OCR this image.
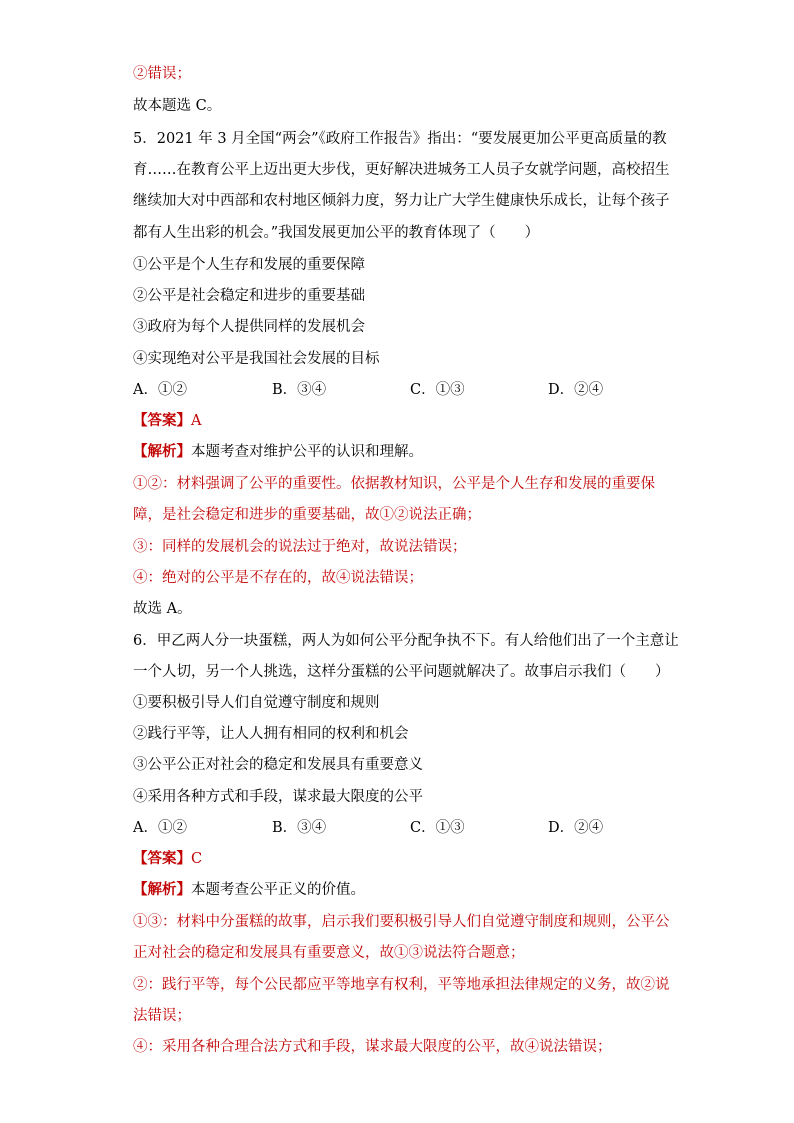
②错误；
故本题选 C。
5．2021 年 3 月全国“两会”《政府工作报告》指出：“要发展更加公平更高质量的教
育……在教育公平上迈出更大步伐，更好解决进城务工人员子女就学问题，高校招生
继续加大对中西部和农村地区倾斜力度，努力让广大学生健康快乐成长，让每个孩子
都有人生出彩的机会。”我国发展更加公平的教育体现了（　　）
①公平是个人生存和发展的重要保障
②公平是社会稳定和进步的重要基础
③政府为每个人提供同样的发展机会
④实现绝对公平是我国社会发展的目标
A．①②	B．③④	C．①③	D．②④
【答案】A
【解析】本题考查对维护公平的认识和理解。
①②：材料强调了公平的重要性。依据教材知识，公平是个人生存和发展的重要保
障，是社会稳定和进步的重要基础，故①②说法正确；
③：同样的发展机会的说法过于绝对，故说法错误；
④：绝对的公平是不存在的，故④说法错误；
故选 A。
6．甲乙两人分一块蛋糕，两人为如何公平分配争执不下。有人给他们出了一个主意让
一个人切，另一个人挑选，这样分蛋糕的公平问题就解决了。故事启示我们（　　）
①要积极引导人们自觉遵守制度和规则
②践行平等，让人人拥有相同的权利和机会
③公平公正对社会的稳定和发展具有重要意义
④采用各种方式和手段，谋求最大限度的公平
A．①②	B．③④	C．①③	D．②④
【答案】C
【解析】本题考查公平正义的价值。
①③：材料中分蛋糕的故事，启示我们要积极引导人们自觉遵守制度和规则，公平公
正对社会的稳定和发展具有重要意义，故①③说法符合题意；
②：践行平等，每个公民都应平等地享有权利，平等地承担法律规定的义务，故②说
法错误；
④：采用各种合理合法方式和手段，谋求最大限度的公平，故④说法错误；
